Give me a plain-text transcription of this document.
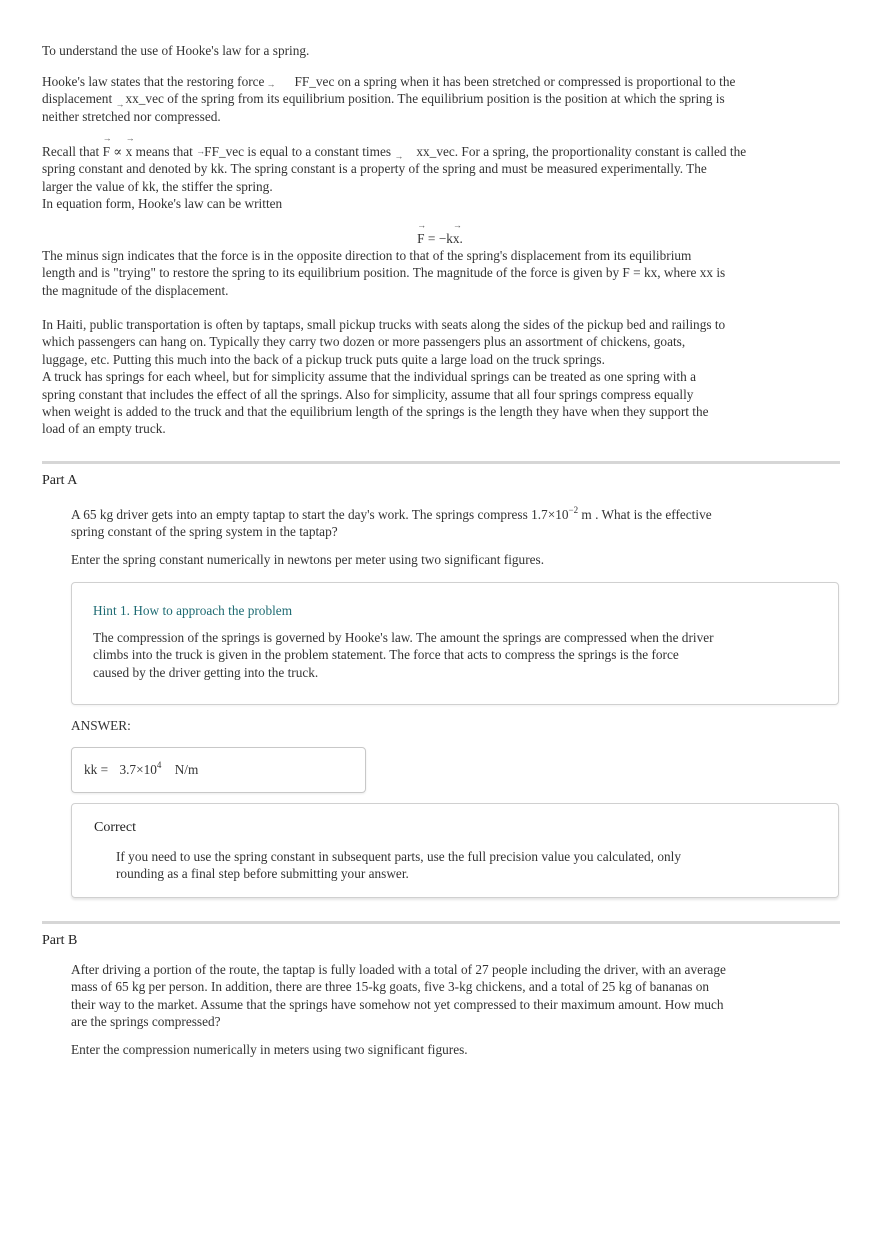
To understand the use of Hooke's law for a spring.

Hooke's law states that the restoring force → FF_vec on a spring when it has been stretched or compressed is proportional to the
displacement → xx_vec of the spring from its equilibrium position. The equilibrium position is the position at which the spring is
neither stretched nor compressed.

Recall that
→
F ∝
→
x means that → FF_vec is equal to a constant times → xx_vec. For a spring, the proportionality constant is called the
spring constant and denoted by kk. The spring constant is a property of the spring and must be measured experimentally. The
larger the value of kk, the stiffer the spring.
In equation form, Hooke's law can be written

→
F = −k
→
x.

The minus sign indicates that the force is in the opposite direction to that of the spring's displacement from its equilibrium
length and is "trying" to restore the spring to its equilibrium position. The magnitude of the force is given by F = kx, where xx is
the magnitude of the displacement.

In Haiti, public transportation is often by taptaps, small pickup trucks with seats along the sides of the pickup bed and railings to
which passengers can hang on. Typically they carry two dozen or more passengers plus an assortment of chickens, goats,
luggage, etc. Putting this much into the back of a pickup truck puts quite a large load on the truck springs.
A truck has springs for each wheel, but for simplicity assume that the individual springs can be treated as one spring with a
spring constant that includes the effect of all the springs. Also for simplicity, assume that all four springs compress equally
when weight is added to the truck and that the equilibrium length of the springs is the length they have when they support the
load of an empty truck.

Part A

A 65 kg driver gets into an empty taptap to start the day's work. The springs compress $1.7\times 10^{-2}$ m . What is the effective
spring constant of the spring system in the taptap?

Enter the spring constant numerically in newtons per meter using two significant figures.

Hint 1. How to approach the problem
The compression of the springs is governed by Hooke's law. The amount the springs are compressed when the driver
climbs into the truck is given in the problem statement. The force that acts to compress the springs is the force
caused by the driver getting into the truck.
ANSWER:
kk = $3.7\times 10^4$ N/m
Correct
If you need to use the spring constant in subsequent parts, use the full precision value you calculated, only
rounding as a final step before submitting your answer.
Part B

After driving a portion of the route, the taptap is fully loaded with a total of 27 people including the driver, with an average
mass of 65 kg per person. In addition, there are three 15-kg goats, five 3-kg chickens, and a total of 25 kg of bananas on
their way to the market. Assume that the springs have somehow not yet compressed to their maximum amount. How much
are the springs compressed?

Enter the compression numerically in meters using two significant figures.
